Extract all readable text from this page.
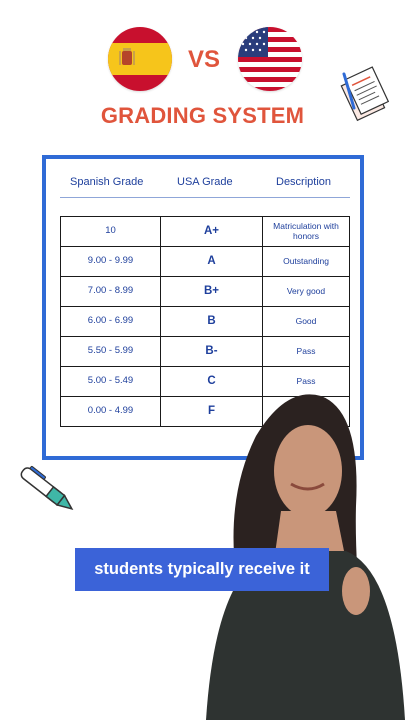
VS
GRADING SYSTEM
Spanish Grade	USA Grade	Description
10	A+	Matriculation with honors
9.00 - 9.99	A	Outstanding
7.00 - 8.99	B+	Very good
6.00 - 6.99	B	Good
5.50 - 5.99	B-	Pass
5.00 - 5.49	C	Pass
0.00 - 4.99	F	
students typically receive it
